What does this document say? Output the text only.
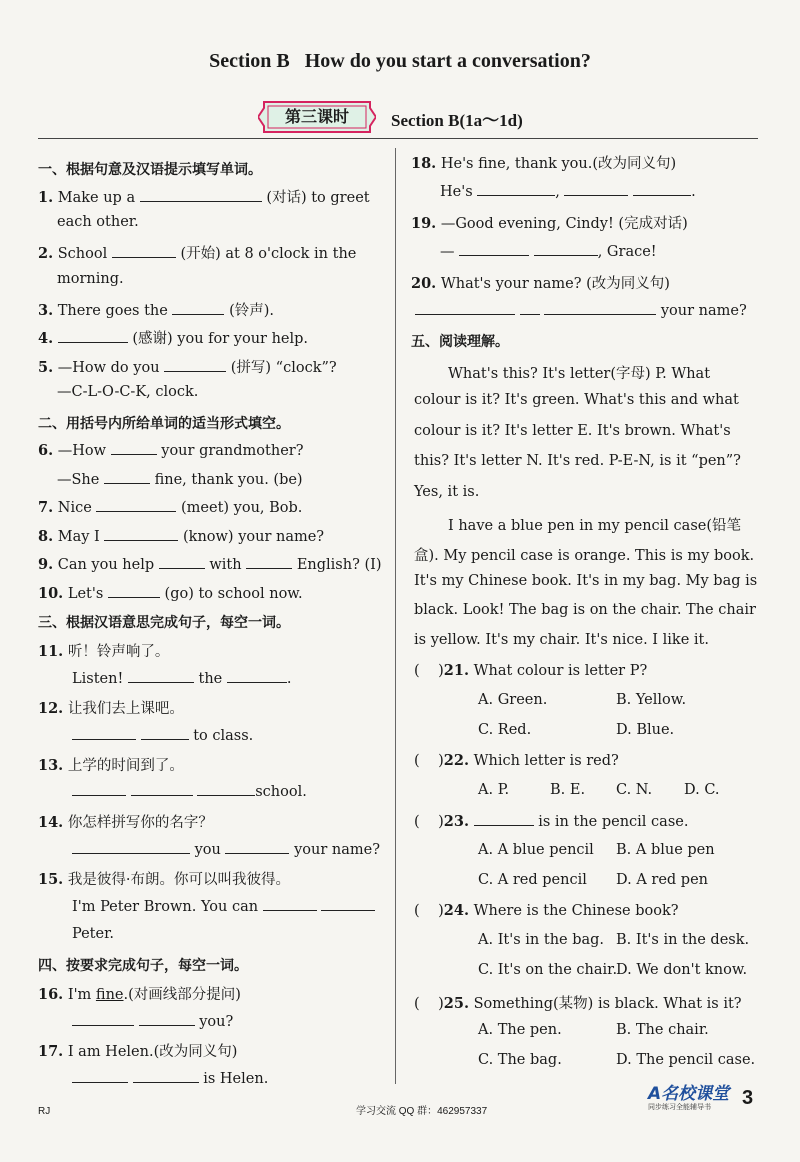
Section B   How do you start a conversation?
第三课时	Section B(1a～1d)
一、根据句意及汉语提示填写单词。
1. Make up a	(对话) to greet
each other.
2. School	(开始) at 8 o'clock in the
morning.
3. There goes the	(铃声).
4.	(感谢) you for your help.
5. —How do you	(拼写) “clock”?
—C-L-O-C-K, clock.
二、用括号内所给单词的适当形式填空。
6. —How	your grandmother?
—She	fine, thank you. (be)
7. Nice	(meet) you, Bob.
8. May I	(know) your name?
9. Can you help	with	English? (I)
10. Let's	(go) to school now.
三、根据汉语意思完成句子，每空一词。
11. 听！铃声响了。
Listen!	the	.
12. 让我们去上课吧。
to class.
13. 上学的时间到了。
school.
14. 你怎样拼写你的名字？
you	your name?
15. 我是彼得·布朗。你可以叫我彼得。
I'm Peter Brown. You can
Peter.
四、按要求完成句子，每空一词。
16. I'm fine.(对画线部分提问)
you?
17. I am Helen.(改为同义句)
is Helen.
18. He's fine, thank you.(改为同义句)
He's	,	.
19. —Good evening, Cindy! (完成对话)
—	, Grace!
20. What's your name? (改为同义句)
your name?
五、阅读理解。
What's this? It's letter(字母) P. What
colour is it? It's green. What's this and what
colour is it? It's letter E. It's brown. What's
this? It's letter N. It's red. P-E-N, is it “pen”?
Yes, it is.
I have a blue pen in my pencil case(铅笔
盒). My pencil case is orange. This is my book.
It's my Chinese book. It's in my bag. My bag is
black. Look! The bag is on the chair. The chair
is yellow. It's my chair. It's nice. I like it.
(    )21. What colour is letter P?
A. Green.	B. Yellow.
C. Red.	D. Blue.
(    )22. Which letter is red?
A. P.	B. E. C. N. D. C.
(    )23.	is in the pencil case.
A. A blue pencil B. A blue pen
C. A red pencil D. A red pen
(    )24. Where is the Chinese book?
A. It's in the bag. B. It's in the desk.
C. It's on the chair.
D. We don't know.
(    )25. Something(某物) is black. What is it?
A. The pen.	B. The chair.
C. The bag.	D. The pencil case.
RJ	学习交流 QQ 群：462957337
A名校课堂
同步练习全能辅导书	3
